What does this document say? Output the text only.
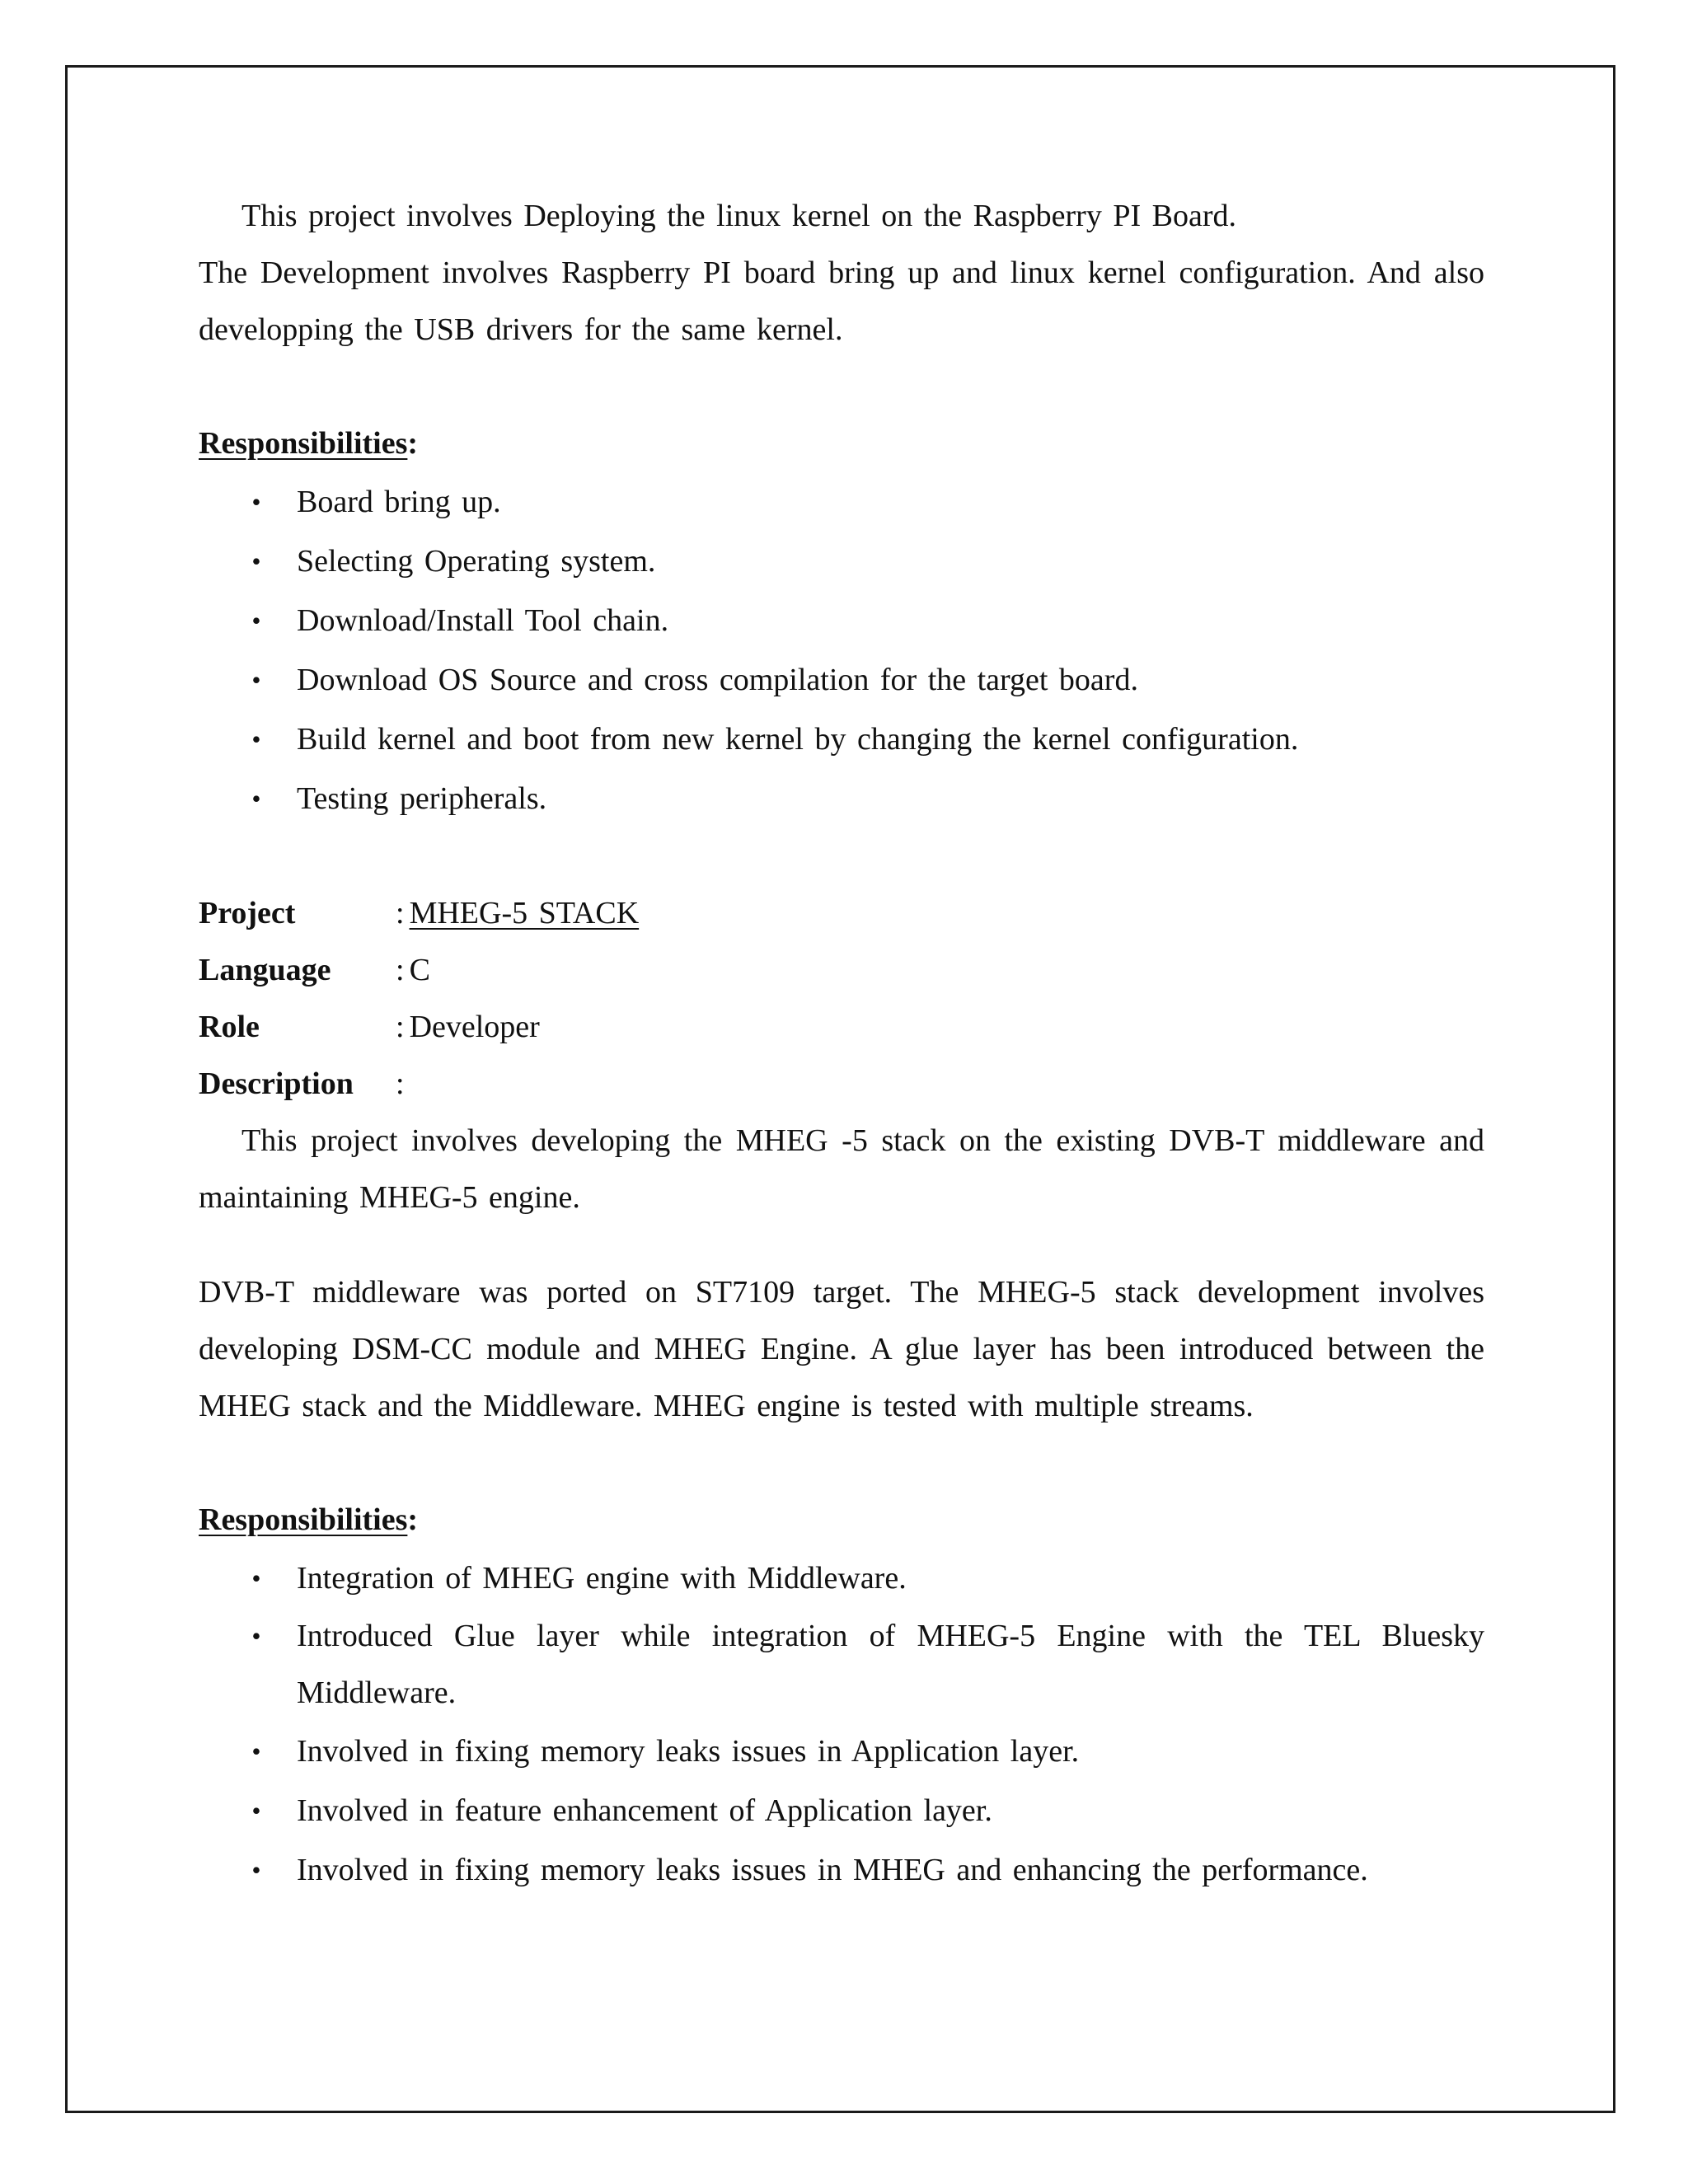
This project involves Deploying the linux kernel on the Raspberry PI Board.

The Development involves Raspberry PI board bring up and linux kernel configuration. And also developping the USB drivers for the same kernel.

Responsibilities:

• Board bring up.
• Selecting Operating system.
• Download/Install Tool chain.
• Download OS Source and cross compilation for the target board.
• Build kernel and boot from new kernel by changing the kernel configuration.
• Testing peripherals.
Project	: MHEG-5 STACK
Language	: C
Role	: Developer
Description	:

This project involves developing the MHEG -5 stack on the existing DVB-T middleware and maintaining MHEG-5 engine.

DVB-T middleware was ported on ST7109 target. The MHEG-5 stack development involves developing DSM-CC module and MHEG Engine. A glue layer has been introduced between the MHEG stack and the Middleware. MHEG engine is tested with multiple streams.

Responsibilities:

• Integration of MHEG engine with Middleware.
• Introduced Glue layer while integration of MHEG-5 Engine with the TEL Bluesky Middleware.
• Involved in fixing memory leaks issues in Application layer.
• Involved in feature enhancement of Application layer.
• Involved in fixing memory leaks issues in MHEG and enhancing the performance.
